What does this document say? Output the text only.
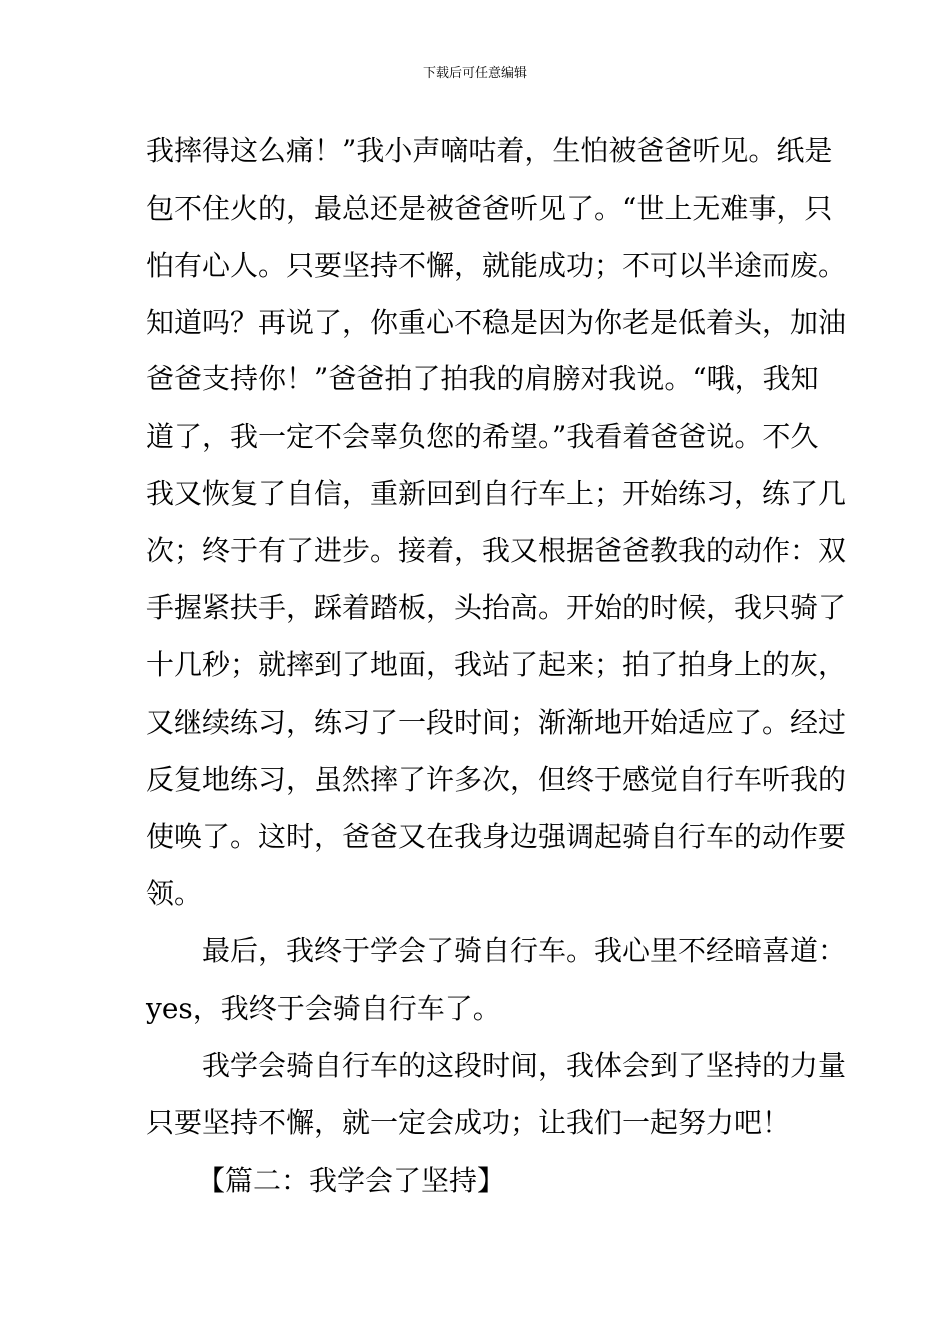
下载后可任意编辑
我摔得这么痛！”我小声嘀咕着，生怕被爸爸听见。纸是
包不住火的，最总还是被爸爸听见了。“世上无难事，只
怕有心人。只要坚持不懈，就能成功；不可以半途而废。
知道吗？再说了，你重心不稳是因为你老是低着头，加油
爸爸支持你！”爸爸拍了拍我的肩膀对我说。“哦，我知
道了，我一定不会辜负您的希望。”我看着爸爸说。不久
我又恢复了自信，重新回到自行车上；开始练习，练了几
次；终于有了进步。接着，我又根据爸爸教我的动作：双
手握紧扶手，踩着踏板，头抬高。开始的时候，我只骑了
十几秒；就摔到了地面，我站了起来；拍了拍身上的灰，
又继续练习，练习了一段时间；渐渐地开始适应了。经过
反复地练习，虽然摔了许多次，但终于感觉自行车听我的
使唤了。这时，爸爸又在我身边强调起骑自行车的动作要
领。
最后，我终于学会了骑自行车。我心里不经暗喜道：
yes，我终于会骑自行车了。
我学会骑自行车的这段时间，我体会到了坚持的力量
只要坚持不懈，就一定会成功；让我们一起努力吧！
【篇二：我学会了坚持】
